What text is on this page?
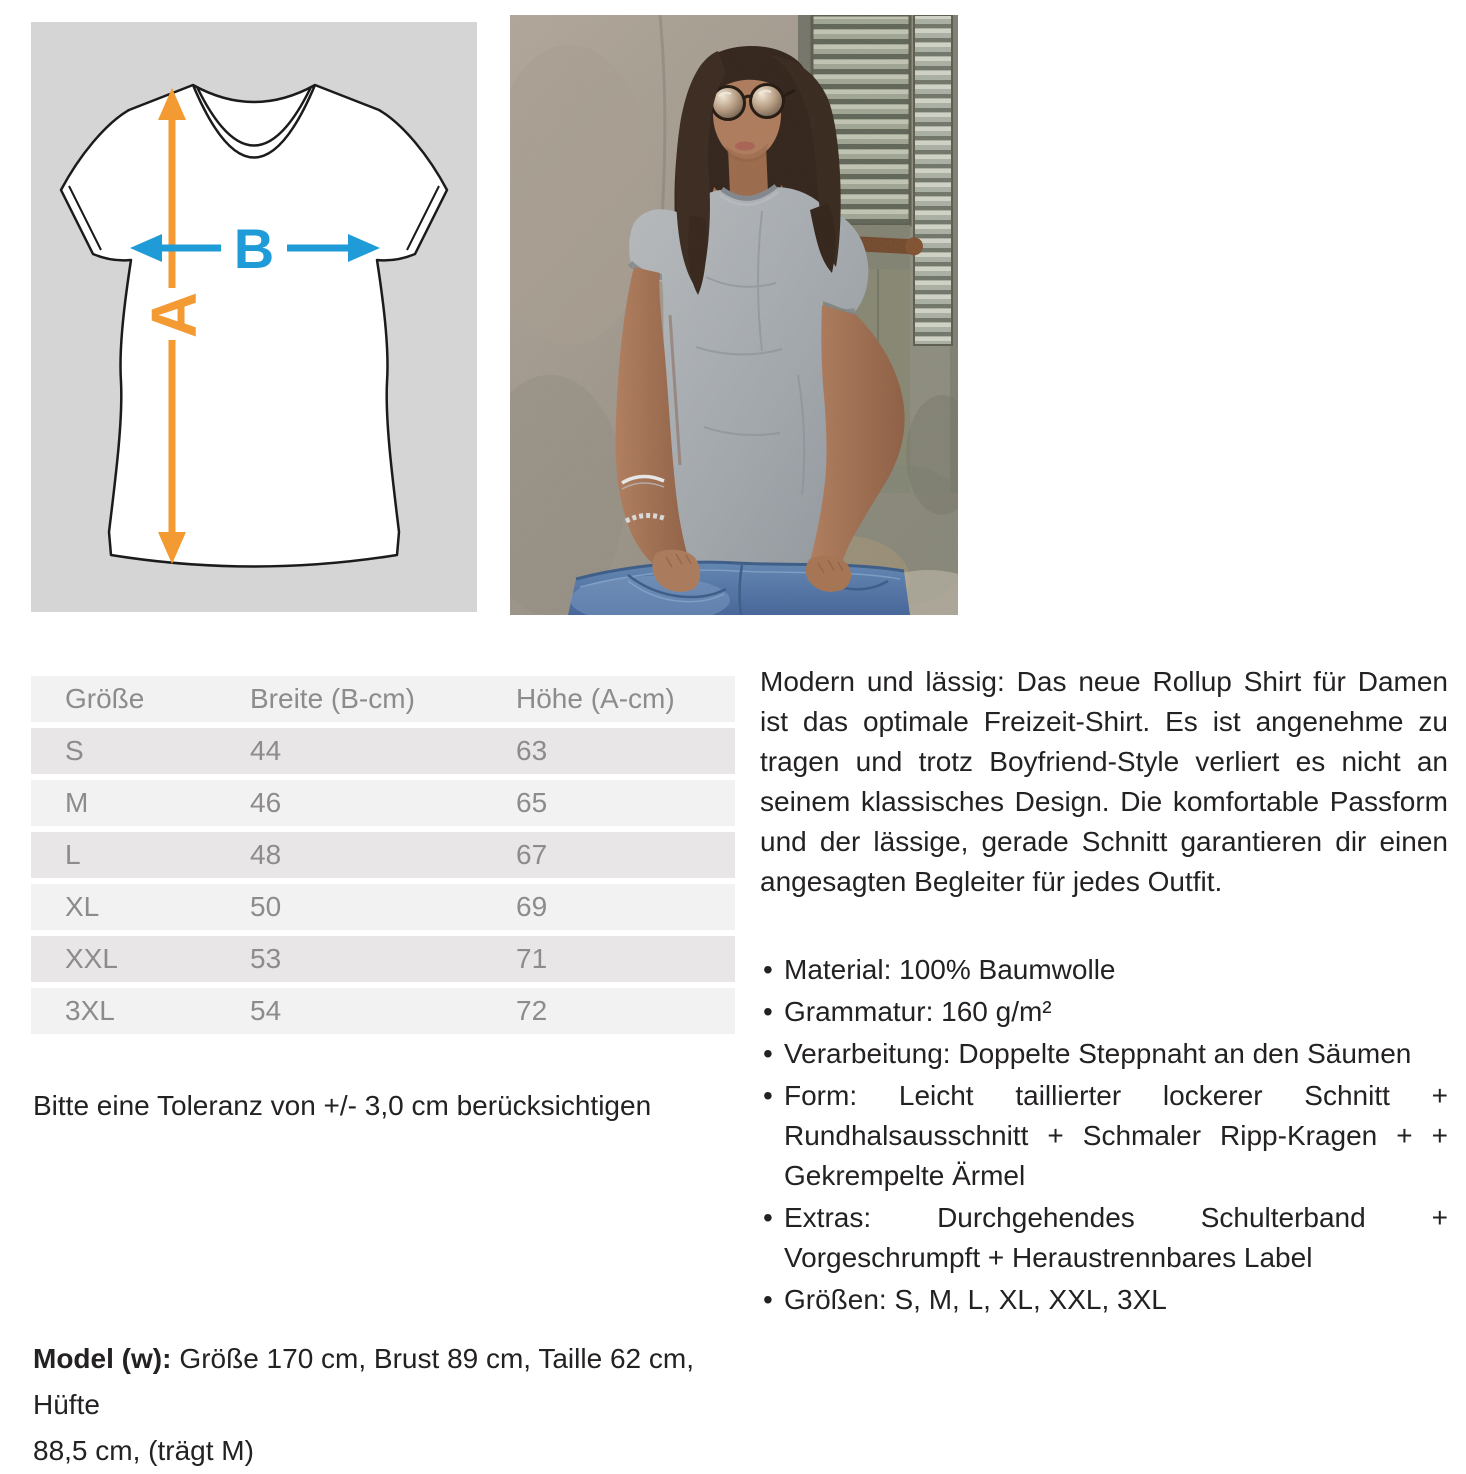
A
B
Größe	Breite (B-cm)	Höhe (A-cm)
S	44	63
M	46	65
L	48	67
XL	50	69
XXL	53	71
3XL	54	72
Bitte eine Toleranz von +/- 3,0 cm berücksichtigen
Modern und lässig: Das neue Rollup Shirt für Damen ist das optimale Freizeit-Shirt. Es ist angenehme zu tragen und trotz Boyfriend-Style verliert es nicht an seinem klassisches Design. Die komfortable Passform und der lässige, gerade Schnitt garantieren dir einen angesagten Begleiter für jedes Outfit.
• Material: 100% Baumwolle
• Grammatur: 160 g/m²
• Verarbeitung: Doppelte Steppnaht an den Säumen
• Form: Leicht taillierter lockerer Schnitt + Rundhalsausschnitt + Schmaler Ripp-Kragen + + Gekrempelte Ärmel
• Extras: Durchgehendes Schulterband + Vorgeschrumpft + Heraustrennbares Label
• Größen: S, M, L, XL, XXL, 3XL
Model (w): Größe 170 cm, Brust 89 cm, Taille 62 cm, Hüfte
88,5 cm, (trägt M)
